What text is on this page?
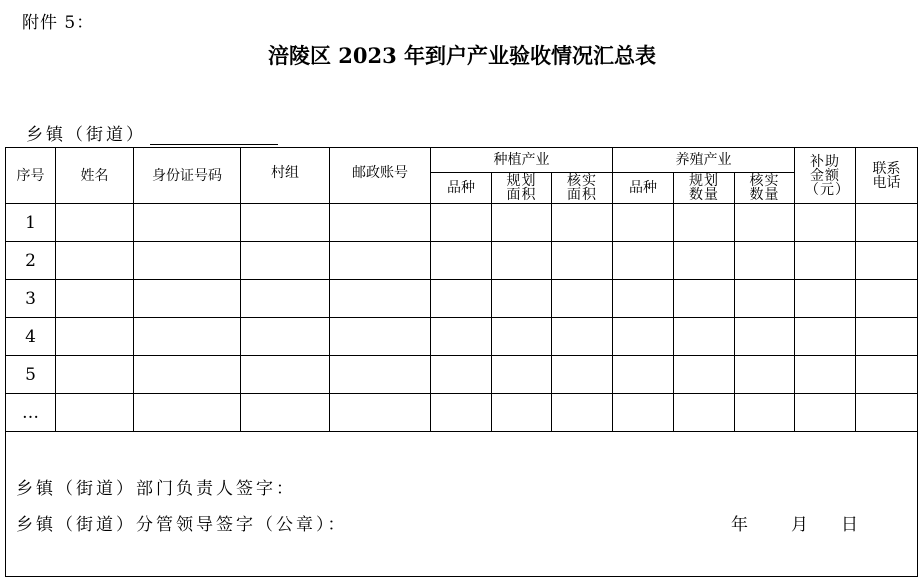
附件 5：
涪陵区 2023 年到户产业验收情况汇总表
乡镇（街道）
序号	姓名	身份证号码	村组	邮政账号	种植产业			养殖产业			补助金额（元）	联系电话
					品种	规划面积	核实面积	品种	规划数量	核实数量		
1												
2												
3												
4												
5												
…												

乡镇（街道）部门负责人签字：
乡镇（街道）分管领导签字（公章）： 年 月 日												
